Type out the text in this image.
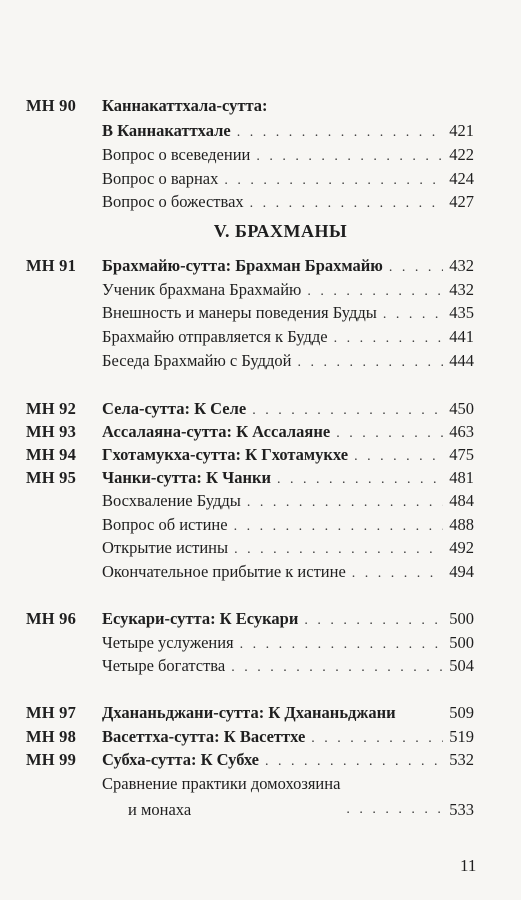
MН 90 Каннакаттхала-сутта:
В Каннакаттхале . . .	421
Вопрос о всеведении . . .	422
Вопрос о варнах . . .	424
Вопрос о божествах . . .	427
MН 91 Брахмайю-сутта: Брахман Брахмайю . . .	432
Ученик брахмана Брахмайю . . .	432
Внешность и манеры поведения Будды . . .	435
Брахмайю отправляется к Будде . . .	441
Беседа Брахмайю с Буддой . . .	444
MН 92 Села-сутта: К Селе . . .	450
MН 93 Ассалаяна-сутта: К Ассалаяне . . .	463
MН 94 Гхотамукха-сутта: К Гхотамукхе . . .	475
MН 95 Чанки-сутта: К Чанки . . .	481
Восхваление Будды . . .	484
Вопрос об истине . . .	488
Открытие истины . . .	492
Окончательное прибытие к истине . . .	494
MН 96 Есукари-сутта: К Есукари . . .	500
Четыре услужения . . .	500
Четыре богатства . . .	504
MН 97 Дхананьджани-сутта: К Дхананьджани	509
MН 98 Васеттха-сутта: К Васеттхе . . .	519
MН 99 Субха-сутта: К Субхе . . .	532
Сравнение практики домохозяина
и монаха . . .	533
V. БРАХМАНЫ
11
